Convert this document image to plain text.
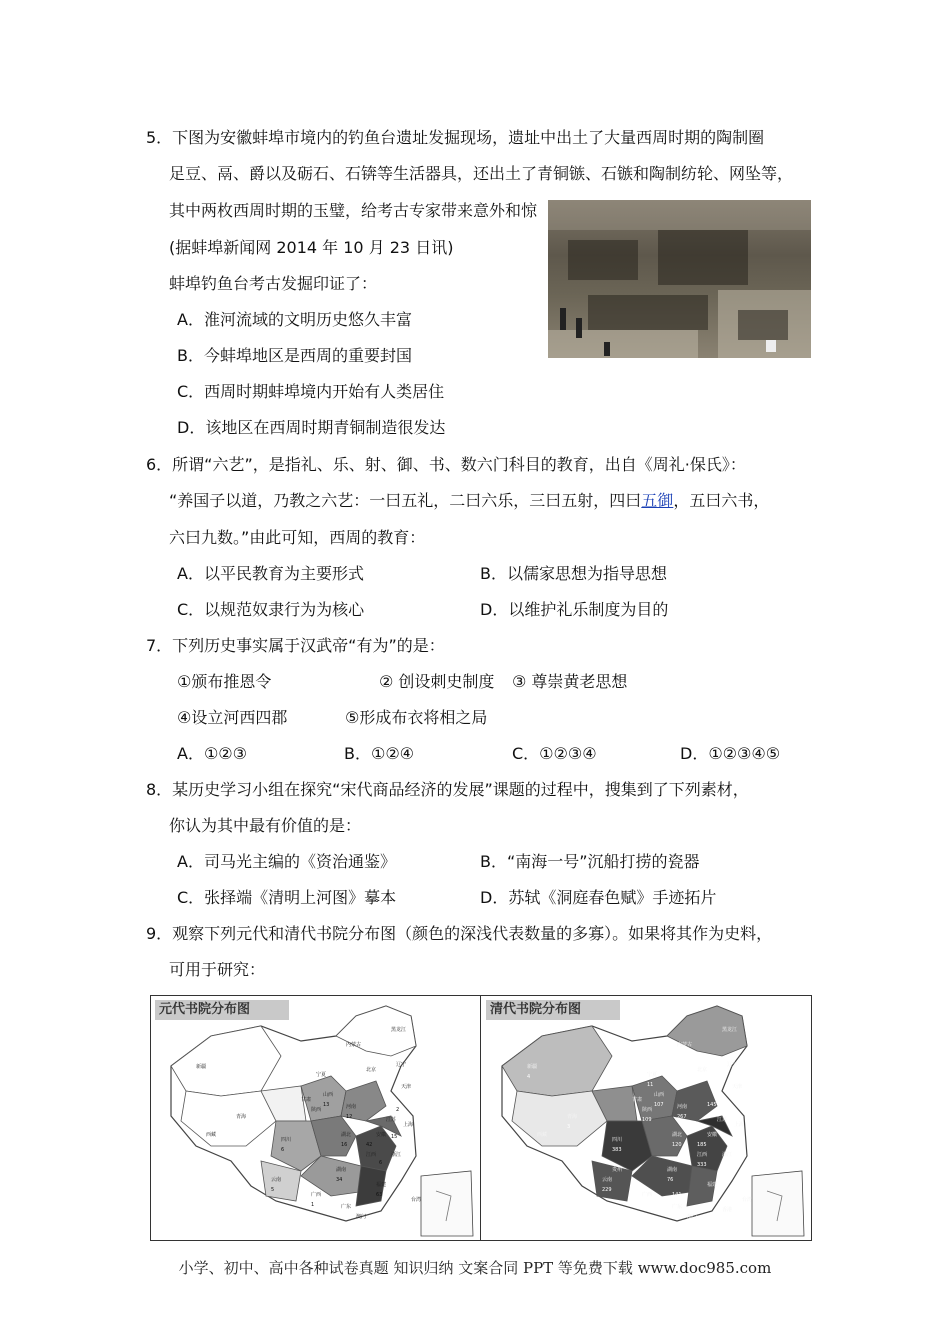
5．下图为安徽蚌埠市境内的钓鱼台遗址发掘现场，遗址中出土了大量西周时期的陶制圈
足豆、鬲、爵以及砺石、石锛等生活器具，还出土了青铜镞、石镞和陶制纺轮、网坠等，
其中两枚西周时期的玉璧，给考古专家带来意外和惊
(据蚌埠新闻网 2014 年 10 月 23 日讯)
蚌埠钓鱼台考古发掘印证了：
A．淮河流域的文明历史悠久丰富
B．今蚌埠地区是西周的重要封国
C．西周时期蚌埠境内开始有人类居住
D．该地区在西周时期青铜制造很发达
6．所谓“六艺”，是指礼、乐、射、御、书、数六门科目的教育，出自《周礼·保氏》：
“养国子以道，乃教之六艺：一曰五礼，二曰六乐，三曰五射，四曰五御，五曰六书，
六曰九数。”由此可知，西周的教育：
A．以平民教育为主要形式	B．以儒家思想为指导思想
C．以规范奴隶行为为核心	D．以维护礼乐制度为目的
7．下列历史事实属于汉武帝“有为”的是：
①颁布推恩令	② 创设刺史制度 ③ 尊崇黄老思想
④设立河西四郡	⑤形成布衣将相之局
A．①②③	B．①②④	C．①②③④	D．①②③④⑤
8．某历史学习小组在探究“宋代商品经济的发展”课题的过程中，搜集到了下列素材，
你认为其中最有价值的是：
A．司马光主编的《资治通鉴》	B．“南海一号”沉船打捞的瓷器
C．张择端《清明上河图》摹本	D．苏轼《洞庭春色赋》手迹拓片
9．观察下列元代和清代书院分布图（颜色的深浅代表数量的多寡）。如果将其作为史料，
可用于研究：
新疆
青海
西藏
四川
云南
宁夏
甘肃
内蒙古
黑龙江
辽宁
北京
天津
山西
陕西	河南
湖北
湖南
广西
广东
江西
福建
安徽
江苏
浙江
上海
台湾
澳门
6
13
12
16	42
5
1
34
63
6
2
15
元代书院分布图
新疆
青海
西藏
四川
云南
宁夏
甘肃
内蒙古
黑龙江
辽宁
北京
天津
山西
陕西	河南
湖北
湖南
广西
广东
江西
福建
安徽
江苏
浙江
上海
台湾
香港
澳门
贵州
4
3
11
107
109	267
145
115
383
120	185
76
333
229
141
26
36
9
清代书院分布图
小学、初中、高中各种试卷真题 知识归纳 文案合同 PPT 等免费下载 www.doc985.com
